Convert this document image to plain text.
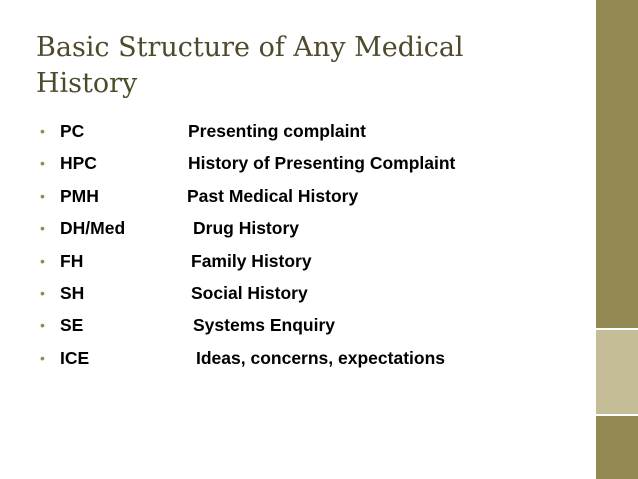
Basic Structure of Any Medical History
• PC	Presenting complaint
• HPC	History of Presenting Complaint
• PMH	Past Medical History
• DH/Med	Drug History
• FH	Family History
• SH	Social History
• SE	Systems Enquiry
• ICE	Ideas, concerns, expectations
